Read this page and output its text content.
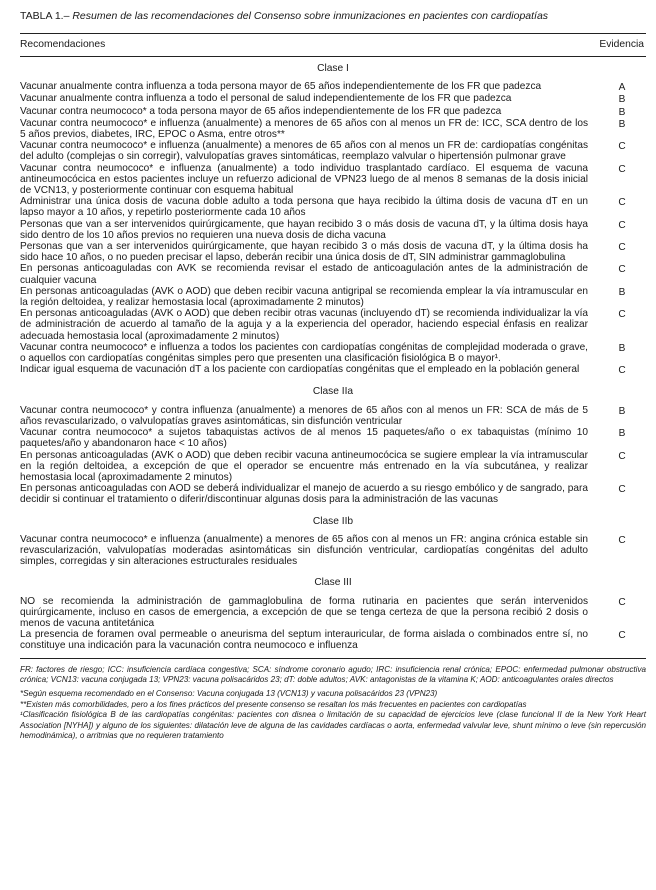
TABLA 1.– Resumen de las recomendaciones del Consenso sobre inmunizaciones en pacientes con cardiopatías
Recomendaciones	Evidencia
Clase I	
Vacunar anualmente contra influenza a toda persona mayor de 65 años independientemente de los FR que padezca	A
Vacunar anualmente contra influenza a todo el personal de salud independientemente de los FR que padezca	B
Vacunar contra neumococo* a toda persona mayor de 65 años independientemente de los FR que padezca	B
Vacunar contra neumococo* e influenza (anualmente) a menores de 65 años con al menos un FR de: ICC, SCA dentro de los 5 años previos, diabetes, IRC, EPOC o Asma, entre otros**	B
Vacunar contra neumococo* e influenza (anualmente) a menores de 65 años con al menos un FR de: cardiopatías congénitas del adulto (complejas o sin corregir), valvulopatías graves sintomáticas, reemplazo valvular o hipertensión pulmonar grave	C
Vacunar contra neumococo* e influenza (anualmente) a todo individuo trasplantado cardíaco. El esquema de vacuna antineumocócica en estos pacientes incluye un refuerzo adicional de VPN23 luego de al menos 8 semanas de la dosis inicial de VCN13, y posteriormente continuar con esquema habitual	C
Administrar una única dosis de vacuna doble adulto a toda persona que haya recibido la última dosis de vacuna dT en un lapso mayor a 10 años, y repetirlo posteriormente cada 10 años	C
Personas que van a ser intervenidos quirúrgicamente, que hayan recibido 3 o más dosis de vacuna dT, y la última dosis haya sido dentro de los 10 años previos no requieren una nueva dosis de dicha vacuna	C
Personas que van a ser intervenidos quirúrgicamente, que hayan recibido 3 o más dosis de vacuna dT, y la última dosis ha sido hace 10 años, o no pueden precisar el lapso, deberán recibir una única dosis de dT, SIN administrar gammaglobulina	C
En personas anticoaguladas con AVK se recomienda revisar el estado de anticoagulación antes de la administración de cualquier vacuna	C
En personas anticoaguladas (AVK o AOD) que deben recibir vacuna antigripal se recomienda emplear la vía intramuscular en la región deltoidea, y realizar hemostasia local (aproximadamente 2 minutos)	B
En personas anticoaguladas (AVK o AOD) que deben recibir otras vacunas (incluyendo dT) se recomienda individualizar la vía de administración de acuerdo al tamaño de la aguja y a la experiencia del operador, haciendo especial énfasis en realizar adecuada hemostasia local (aproximadamente 2 minutos)	C
Vacunar contra neumococo* e influenza a todos los pacientes con cardiopatías congénitas de complejidad moderada o grave, o aquellos con cardiopatías congénitas simples pero que presenten una clasificación fisiológica B o mayor¹.	B
Indicar igual esquema de vacunación dT a los paciente con cardiopatías congénitas que el empleado en la población general	C
Clase IIa	
Vacunar contra neumococo* y contra influenza (anualmente) a menores de 65 años con al menos un FR: SCA de más de 5 años revascularizado, o valvulopatías graves asintomáticas, sin disfunción ventricular	B
Vacunar contra neumococo* a sujetos tabaquistas activos de al menos 15 paquetes/año o ex tabaquistas (mínimo 10 paquetes/año y abandonaron hace < 10 años)	B
En personas anticoaguladas (AVK o AOD) que deben recibir vacuna antineumocócica se sugiere emplear la vía intramuscular en la región deltoidea, a excepción de que el operador se encuentre más entrenado en la vía subcutánea, y realizar hemostasia local (aproximadamente 2 minutos)	C
En personas anticoaguladas con AOD se deberá individualizar el manejo de acuerdo a su riesgo embólico y de sangrado, para decidir si continuar el tratamiento o diferir/discontinuar algunas dosis para la administración de las vacunas	C
Clase IIb	
Vacunar contra neumococo* e influenza (anualmente) a menores de 65 años con al menos un FR: angina crónica estable sin revascularización, valvulopatías moderadas asintomáticas sin disfunción ventricular, cardiopatías congénitas del adulto simples, corregidas y sin alteraciones estructurales residuales	C
Clase III	
NO se recomienda la administración de gammaglobulina de forma rutinaria en pacientes que serán intervenidos quirúrgicamente, incluso en casos de emergencia, a excepción de que se tenga certeza de que la persona recibió 2 dosis o menos de vacuna antitetánica	C
La presencia de foramen oval permeable o aneurisma del septum interauricular, de forma aislada o combinados entre sí, no constituye una indicación para la vacunación contra neumococo e influenza	C

FR: factores de riesgo; ICC: insuficiencia cardíaca congestiva; SCA: síndrome coronario agudo; IRC: insuficiencia renal crónica; EPOC: enfermedad pulmonar obstructiva crónica; VCN13: vacuna conjugada 13; VPN23: vacuna polisacáridos 23; dT: doble adultos; AVK: antagonistas de la vitamina K; AOD: anticoagulantes orales directos

*Según esquema recomendado en el Consenso: Vacuna conjugada 13 (VCN13) y vacuna polisacáridos 23 (VPN23)

**Existen más comorbilidades, pero a los fines prácticos del presente consenso se resaltan los más frecuentes en pacientes con cardiopatías

¹Clasificación fisiológica B de las cardiopatías congénitas: pacientes con disnea o limitación de su capacidad de ejercicios leve (clase funcional II de la New York Heart Association [NYHA]) y alguno de los siguientes: dilatación leve de alguna de las cavidades cardíacas o aorta, enfermedad valvular leve, shunt mínimo o leve (sin repercusión hemodinámica), o arritmias que no requieren tratamiento
